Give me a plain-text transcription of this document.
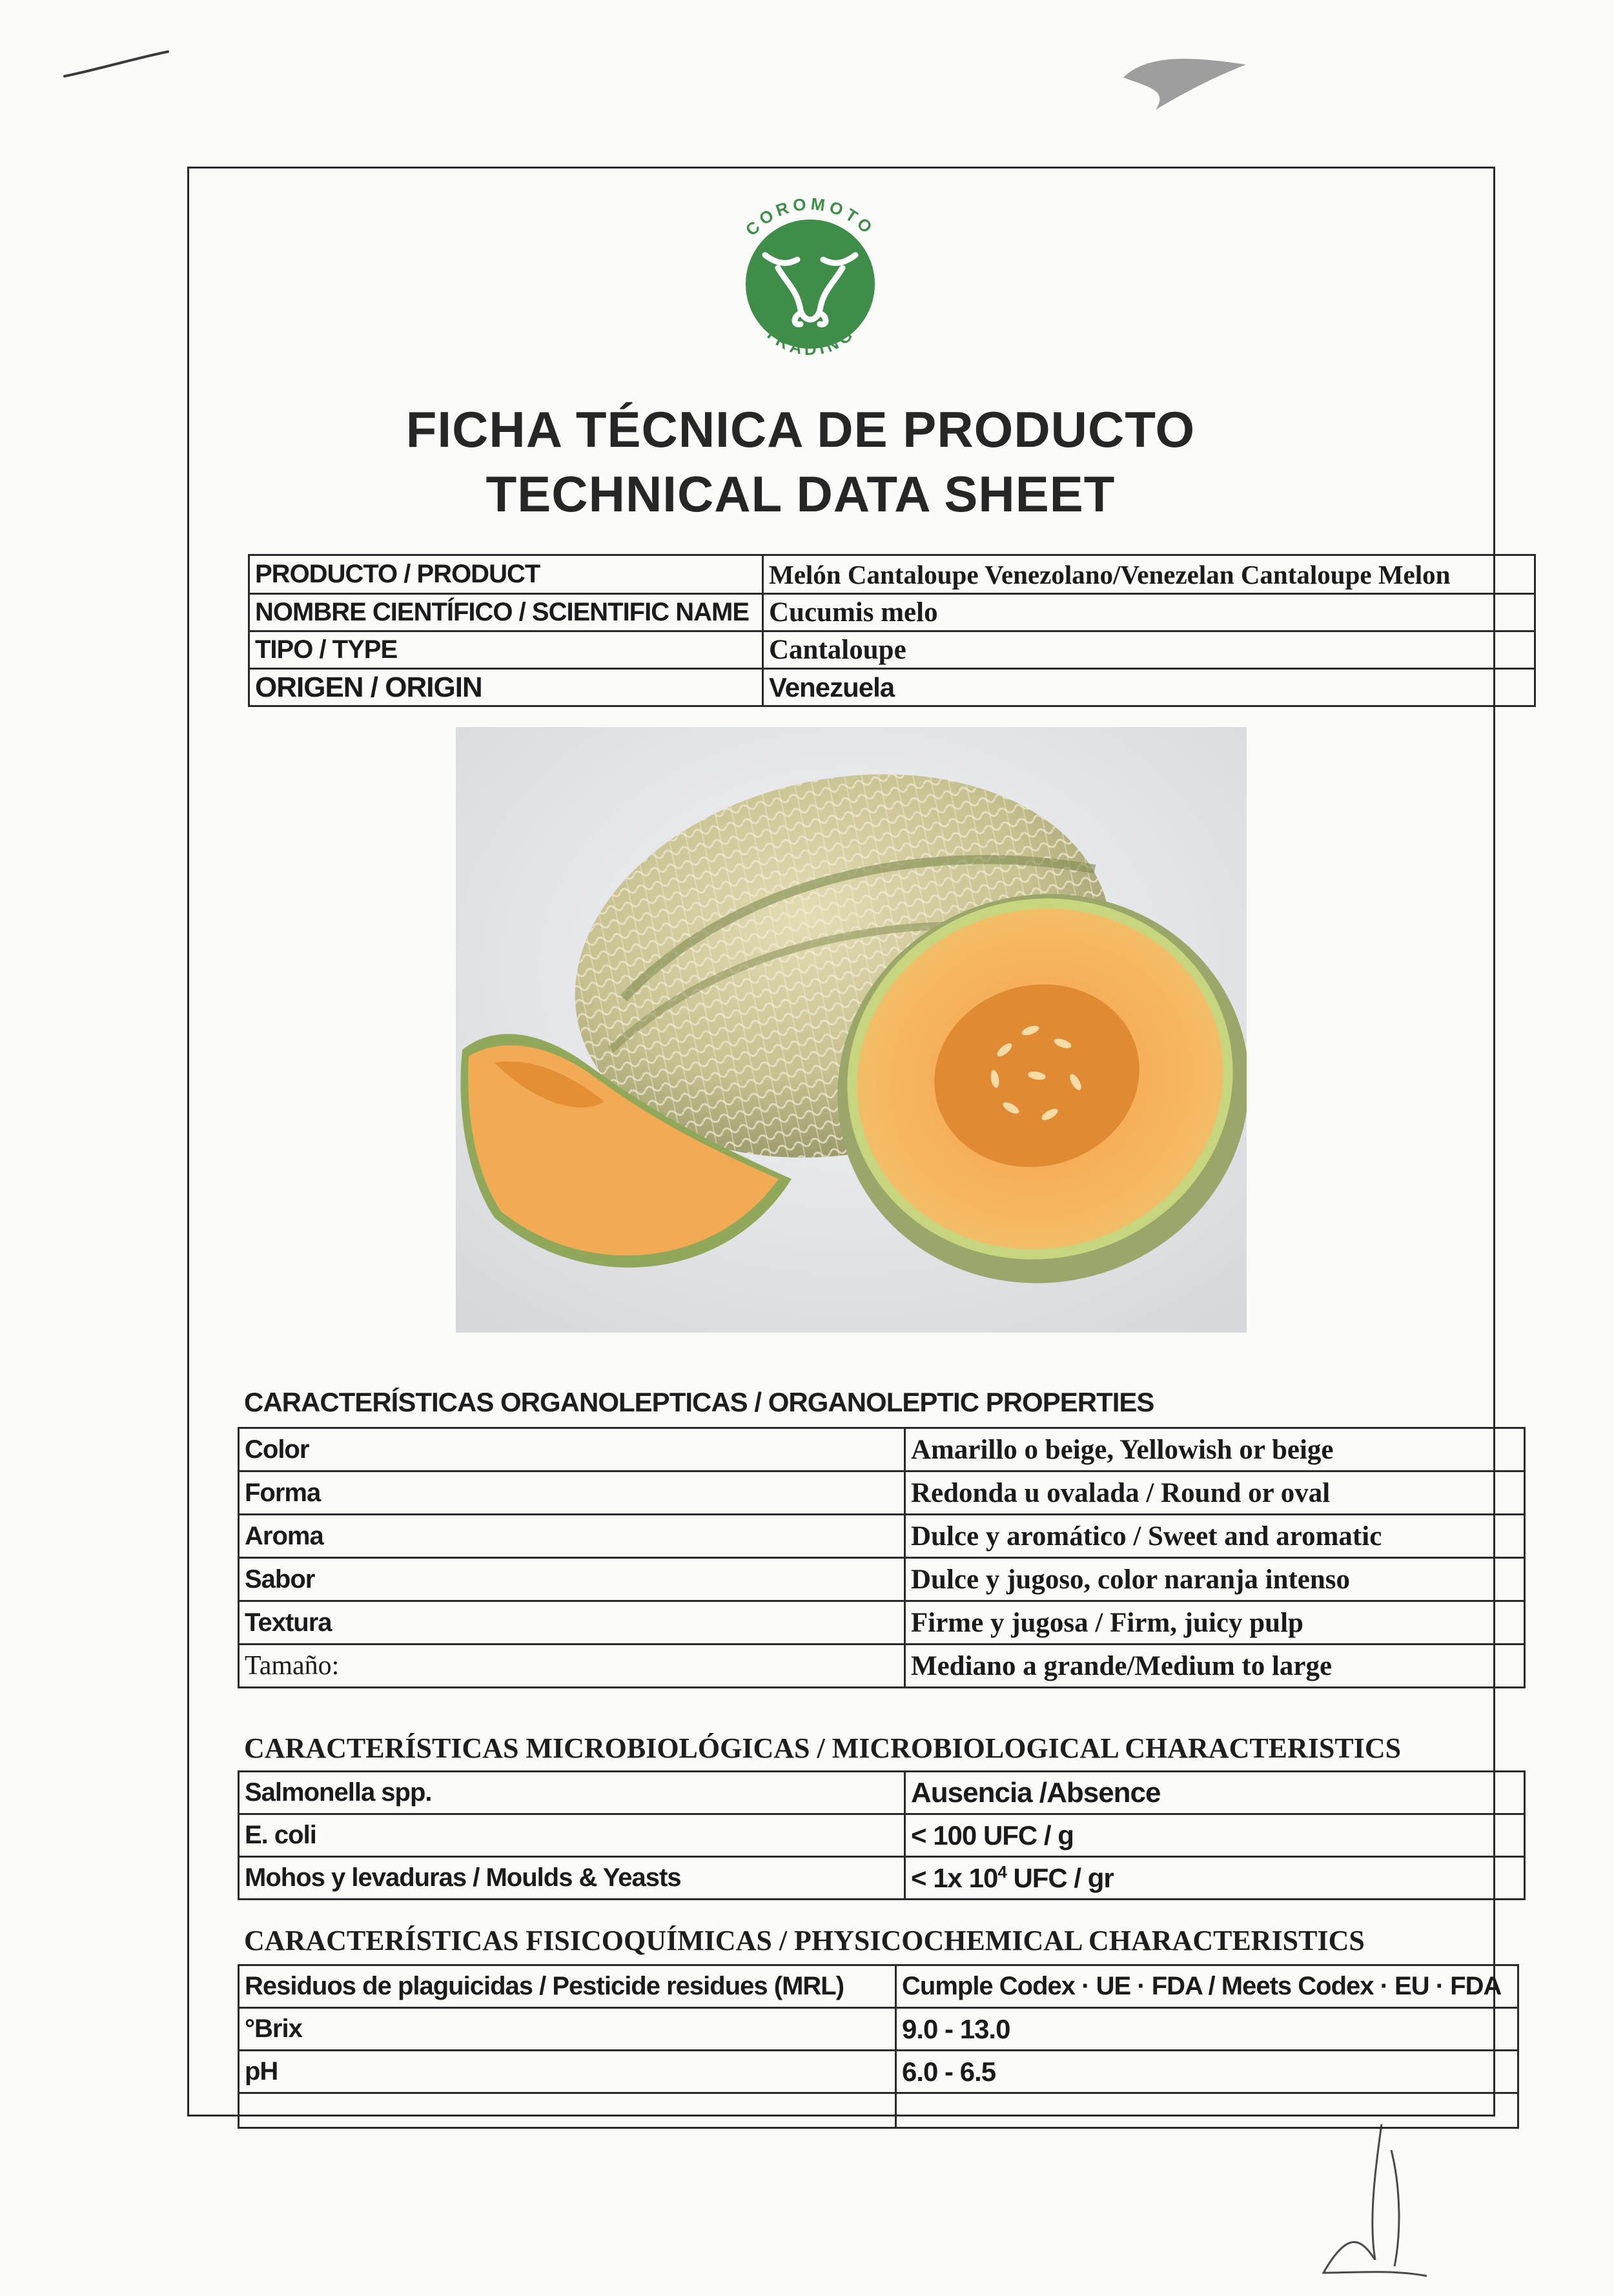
COROMOTO
TRADING
FICHA TÉCNICA DE PRODUCTO
TECHNICAL DATA SHEET
PRODUCTO / PRODUCT	Melón Cantaloupe Venezolano/Venezelan Cantaloupe Melon
NOMBRE CIENTÍFICO / SCIENTIFIC NAME	Cucumis melo
TIPO / TYPE	Cantaloupe
ORIGEN / ORIGIN	Venezuela
CARACTERÍSTICAS ORGANOLEPTICAS / ORGANOLEPTIC PROPERTIES
Color	Amarillo o beige, Yellowish or beige
Forma	Redonda u ovalada / Round or oval
Aroma	Dulce y aromático / Sweet and aromatic
Sabor	Dulce y jugoso, color naranja intenso
Textura	Firme y jugosa / Firm, juicy pulp
Tamaño:	Mediano a grande/Medium to large
CARACTERÍSTICAS MICROBIOLÓGICAS / MICROBIOLOGICAL CHARACTERISTICS
Salmonella spp.	Ausencia /Absence
E. coli	< 100 UFC / g
Mohos y levaduras / Moulds & Yeasts	< 1x $10^4$ UFC / gr
CARACTERÍSTICAS FISICOQUÍMICAS / PHYSICOCHEMICAL CHARACTERISTICS
Residuos de plaguicidas / Pesticide residues (MRL)	Cumple Codex · UE · FDA / Meets Codex · EU · FDA
°Brix	9.0 - 13.0
pH	6.0 - 6.5
